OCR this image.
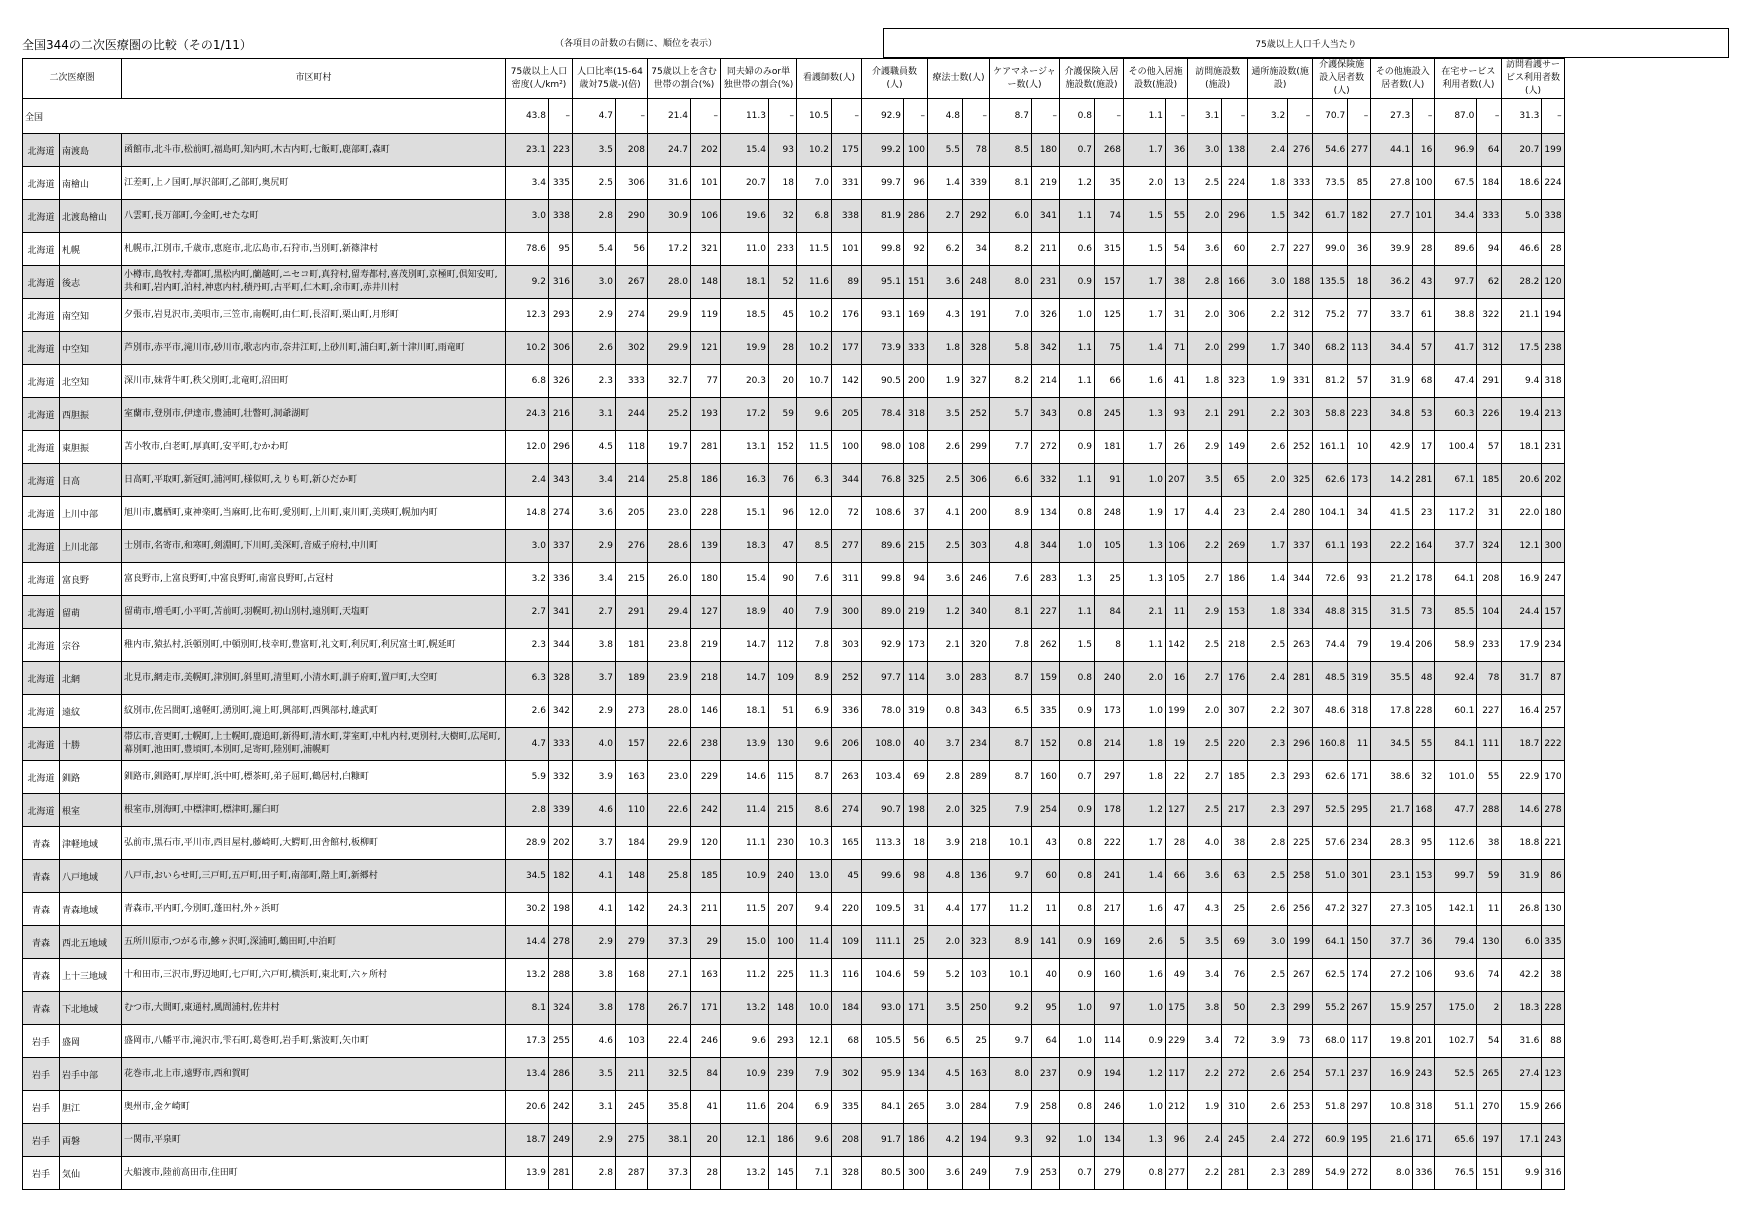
全国344の二次医療圏の比較（その1/11）	（各項目の計数の右側に、順位を表示）	75歳以上人口千人当たり
二次医療圏		市区町村	75歳以上人口密度(人/km²)		人口比率(15-64歳対75歳-)(倍)		75歳以上を含む世帯の割合(%)		同夫婦のみor単独世帯の割合(%)		看護師数(人)		介護職員数(人)		療法士数(人)		ケアマネージャー数(人)		介護保険入居施設数(施設)		その他入居施設数(施設)		訪問施設数(施設)		通所施設数(施設)		介護保険施設入居者数(人)		その他施設入居者数(人)		在宅サービス利用者数(人)		訪問看護サービス利用者数(人)	
全国			43.8	–	4.7	–	21.4	–	11.3	–	10.5	–	92.9	–	4.8	–	8.7	–	0.8	–	1.1	–	3.1	–	3.2	–	70.7	–	27.3	–	87.0	–	31.3	–
北海道	南渡島	函館市,北斗市,松前町,福島町,知内町,木古内町,七飯町,鹿部町,森町	23.1	223	3.5	208	24.7	202	15.4	93	10.2	175	99.2	100	5.5	78	8.5	180	0.7	268	1.7	36	3.0	138	2.4	276	54.6	277	44.1	16	96.9	64	20.7	199
北海道	南檜山	江差町,上ノ国町,厚沢部町,乙部町,奥尻町	3.4	335	2.5	306	31.6	101	20.7	18	7.0	331	99.7	96	1.4	339	8.1	219	1.2	35	2.0	13	2.5	224	1.8	333	73.5	85	27.8	100	67.5	184	18.6	224
北海道	北渡島檜山	八雲町,長万部町,今金町,せたな町	3.0	338	2.8	290	30.9	106	19.6	32	6.8	338	81.9	286	2.7	292	6.0	341	1.1	74	1.5	55	2.0	296	1.5	342	61.7	182	27.7	101	34.4	333	5.0	338
北海道	札幌	札幌市,江別市,千歳市,恵庭市,北広島市,石狩市,当別町,新篠津村	78.6	95	5.4	56	17.2	321	11.0	233	11.5	101	99.8	92	6.2	34	8.2	211	0.6	315	1.5	54	3.6	60	2.7	227	99.0	36	39.9	28	89.6	94	46.6	28
北海道	後志	小樽市,島牧村,寿都町,黒松内町,蘭越町,ニセコ町,真狩村,留寿都村,喜茂別町,京極町,倶知安町,共和町,岩内町,泊村,神恵内村,積丹町,古平町,仁木町,余市町,赤井川村	9.2	316	3.0	267	28.0	148	18.1	52	11.6	89	95.1	151	3.6	248	8.0	231	0.9	157	1.7	38	2.8	166	3.0	188	135.5	18	36.2	43	97.7	62	28.2	120
北海道	南空知	夕張市,岩見沢市,美唄市,三笠市,南幌町,由仁町,長沼町,栗山町,月形町	12.3	293	2.9	274	29.9	119	18.5	45	10.2	176	93.1	169	4.3	191	7.0	326	1.0	125	1.7	31	2.0	306	2.2	312	75.2	77	33.7	61	38.8	322	21.1	194
北海道	中空知	芦別市,赤平市,滝川市,砂川市,歌志内市,奈井江町,上砂川町,浦臼町,新十津川町,雨竜町	10.2	306	2.6	302	29.9	121	19.9	28	10.2	177	73.9	333	1.8	328	5.8	342	1.1	75	1.4	71	2.0	299	1.7	340	68.2	113	34.4	57	41.7	312	17.5	238
北海道	北空知	深川市,妹背牛町,秩父別町,北竜町,沼田町	6.8	326	2.3	333	32.7	77	20.3	20	10.7	142	90.5	200	1.9	327	8.2	214	1.1	66	1.6	41	1.8	323	1.9	331	81.2	57	31.9	68	47.4	291	9.4	318
北海道	西胆振	室蘭市,登別市,伊達市,豊浦町,壮瞥町,洞爺湖町	24.3	216	3.1	244	25.2	193	17.2	59	9.6	205	78.4	318	3.5	252	5.7	343	0.8	245	1.3	93	2.1	291	2.2	303	58.8	223	34.8	53	60.3	226	19.4	213
北海道	東胆振	苫小牧市,白老町,厚真町,安平町,むかわ町	12.0	296	4.5	118	19.7	281	13.1	152	11.5	100	98.0	108	2.6	299	7.7	272	0.9	181	1.7	26	2.9	149	2.6	252	161.1	10	42.9	17	100.4	57	18.1	231
北海道	日高	日高町,平取町,新冠町,浦河町,様似町,えりも町,新ひだか町	2.4	343	3.4	214	25.8	186	16.3	76	6.3	344	76.8	325	2.5	306	6.6	332	1.1	91	1.0	207	3.5	65	2.0	325	62.6	173	14.2	281	67.1	185	20.6	202
北海道	上川中部	旭川市,鷹栖町,東神楽町,当麻町,比布町,愛別町,上川町,東川町,美瑛町,幌加内町	14.8	274	3.6	205	23.0	228	15.1	96	12.0	72	108.6	37	4.1	200	8.9	134	0.8	248	1.9	17	4.4	23	2.4	280	104.1	34	41.5	23	117.2	31	22.0	180
北海道	上川北部	士別市,名寄市,和寒町,剣淵町,下川町,美深町,音威子府村,中川町	3.0	337	2.9	276	28.6	139	18.3	47	8.5	277	89.6	215	2.5	303	4.8	344	1.0	105	1.3	106	2.2	269	1.7	337	61.1	193	22.2	164	37.7	324	12.1	300
北海道	富良野	富良野市,上富良野町,中富良野町,南富良野町,占冠村	3.2	336	3.4	215	26.0	180	15.4	90	7.6	311	99.8	94	3.6	246	7.6	283	1.3	25	1.3	105	2.7	186	1.4	344	72.6	93	21.2	178	64.1	208	16.9	247
北海道	留萌	留萌市,増毛町,小平町,苫前町,羽幌町,初山別村,遠別町,天塩町	2.7	341	2.7	291	29.4	127	18.9	40	7.9	300	89.0	219	1.2	340	8.1	227	1.1	84	2.1	11	2.9	153	1.8	334	48.8	315	31.5	73	85.5	104	24.4	157
北海道	宗谷	稚内市,猿払村,浜頓別町,中頓別町,枝幸町,豊富町,礼文町,利尻町,利尻富士町,幌延町	2.3	344	3.8	181	23.8	219	14.7	112	7.8	303	92.9	173	2.1	320	7.8	262	1.5	8	1.1	142	2.5	218	2.5	263	74.4	79	19.4	206	58.9	233	17.9	234
北海道	北網	北見市,網走市,美幌町,津別町,斜里町,清里町,小清水町,訓子府町,置戸町,大空町	6.3	328	3.7	189	23.9	218	14.7	109	8.9	252	97.7	114	3.0	283	8.7	159	0.8	240	2.0	16	2.7	176	2.4	281	48.5	319	35.5	48	92.4	78	31.7	87
北海道	遠紋	紋別市,佐呂間町,遠軽町,湧別町,滝上町,興部町,西興部村,雄武町	2.6	342	2.9	273	28.0	146	18.1	51	6.9	336	78.0	319	0.8	343	6.5	335	0.9	173	1.0	199	2.0	307	2.2	307	48.6	318	17.8	228	60.1	227	16.4	257
北海道	十勝	帯広市,音更町,士幌町,上士幌町,鹿追町,新得町,清水町,芽室町,中札内村,更別村,大樹町,広尾町,幕別町,池田町,豊頃町,本別町,足寄町,陸別町,浦幌町	4.7	333	4.0	157	22.6	238	13.9	130	9.6	206	108.0	40	3.7	234	8.7	152	0.8	214	1.8	19	2.5	220	2.3	296	160.8	11	34.5	55	84.1	111	18.7	222
北海道	釧路	釧路市,釧路町,厚岸町,浜中町,標茶町,弟子屈町,鶴居村,白糠町	5.9	332	3.9	163	23.0	229	14.6	115	8.7	263	103.4	69	2.8	289	8.7	160	0.7	297	1.8	22	2.7	185	2.3	293	62.6	171	38.6	32	101.0	55	22.9	170
北海道	根室	根室市,別海町,中標津町,標津町,羅臼町	2.8	339	4.6	110	22.6	242	11.4	215	8.6	274	90.7	198	2.0	325	7.9	254	0.9	178	1.2	127	2.5	217	2.3	297	52.5	295	21.7	168	47.7	288	14.6	278
青森	津軽地域	弘前市,黒石市,平川市,西目屋村,藤崎町,大鰐町,田舎館村,板柳町	28.9	202	3.7	184	29.9	120	11.1	230	10.3	165	113.3	18	3.9	218	10.1	43	0.8	222	1.7	28	4.0	38	2.8	225	57.6	234	28.3	95	112.6	38	18.8	221
青森	八戸地域	八戸市,おいらせ町,三戸町,五戸町,田子町,南部町,階上町,新郷村	34.5	182	4.1	148	25.8	185	10.9	240	13.0	45	99.6	98	4.8	136	9.7	60	0.8	241	1.4	66	3.6	63	2.5	258	51.0	301	23.1	153	99.7	59	31.9	86
青森	青森地域	青森市,平内町,今別町,蓬田村,外ヶ浜町	30.2	198	4.1	142	24.3	211	11.5	207	9.4	220	109.5	31	4.4	177	11.2	11	0.8	217	1.6	47	4.3	25	2.6	256	47.2	327	27.3	105	142.1	11	26.8	130
青森	西北五地域	五所川原市,つがる市,鰺ヶ沢町,深浦町,鶴田町,中泊町	14.4	278	2.9	279	37.3	29	15.0	100	11.4	109	111.1	25	2.0	323	8.9	141	0.9	169	2.6	5	3.5	69	3.0	199	64.1	150	37.7	36	79.4	130	6.0	335
青森	上十三地域	十和田市,三沢市,野辺地町,七戸町,六戸町,横浜町,東北町,六ヶ所村	13.2	288	3.8	168	27.1	163	11.2	225	11.3	116	104.6	59	5.2	103	10.1	40	0.9	160	1.6	49	3.4	76	2.5	267	62.5	174	27.2	106	93.6	74	42.2	38
青森	下北地域	むつ市,大間町,東通村,風間浦村,佐井村	8.1	324	3.8	178	26.7	171	13.2	148	10.0	184	93.0	171	3.5	250	9.2	95	1.0	97	1.0	175	3.8	50	2.3	299	55.2	267	15.9	257	175.0	2	18.3	228
岩手	盛岡	盛岡市,八幡平市,滝沢市,雫石町,葛巻町,岩手町,紫波町,矢巾町	17.3	255	4.6	103	22.4	246	9.6	293	12.1	68	105.5	56	6.5	25	9.7	64	1.0	114	0.9	229	3.4	72	3.9	73	68.0	117	19.8	201	102.7	54	31.6	88
岩手	岩手中部	花巻市,北上市,遠野市,西和賀町	13.4	286	3.5	211	32.5	84	10.9	239	7.9	302	95.9	134	4.5	163	8.0	237	0.9	194	1.2	117	2.2	272	2.6	254	57.1	237	16.9	243	52.5	265	27.4	123
岩手	胆江	奥州市,金ケ崎町	20.6	242	3.1	245	35.8	41	11.6	204	6.9	335	84.1	265	3.0	284	7.9	258	0.8	246	1.0	212	1.9	310	2.6	253	51.8	297	10.8	318	51.1	270	15.9	266
岩手	両磐	一関市,平泉町	18.7	249	2.9	275	38.1	20	12.1	186	9.6	208	91.7	186	4.2	194	9.3	92	1.0	134	1.3	96	2.4	245	2.4	272	60.9	195	21.6	171	65.6	197	17.1	243
岩手	気仙	大船渡市,陸前高田市,住田町	13.9	281	2.8	287	37.3	28	13.2	145	7.1	328	80.5	300	3.6	249	7.9	253	0.7	279	0.8	277	2.2	281	2.3	289	54.9	272	8.0	336	76.5	151	9.9	316
